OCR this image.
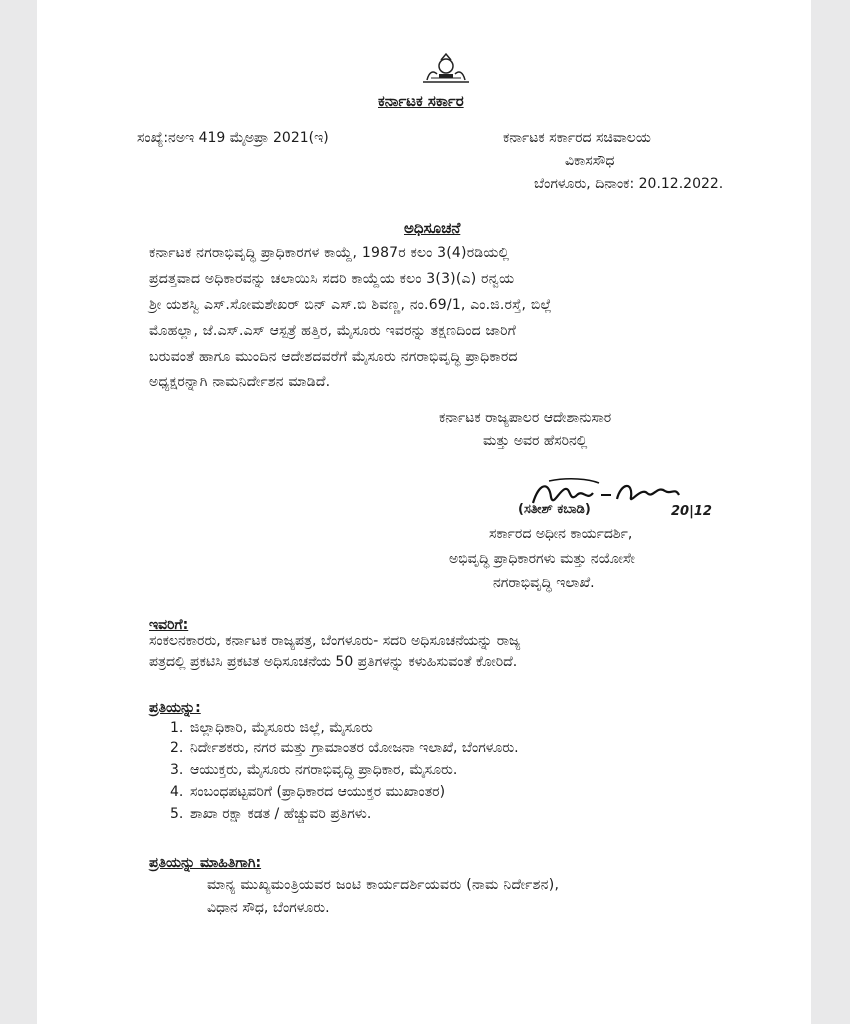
ಕರ್ನಾಟಕ ಸರ್ಕಾರ
ಸಂಖ್ಯೆ:ನಅಇ 419 ಮೈಅಪ್ರಾ 2021(ಇ)	ಕರ್ನಾಟಕ ಸರ್ಕಾರದ ಸಚಿವಾಲಯ
ವಿಕಾಸಸೌಧ
ಬೆಂಗಳೂರು, ದಿನಾಂಕ: 20.12.2022.
ಅಧಿಸೂಚನೆ
ಕರ್ನಾಟಕ ನಗರಾಭಿವೃದ್ಧಿ ಪ್ರಾಧಿಕಾರಗಳ ಕಾಯ್ದೆ, 1987ರ ಕಲಂ 3(4)ರಡಿಯಲ್ಲಿ
ಪ್ರದತ್ತವಾದ ಅಧಿಕಾರವನ್ನು ಚಲಾಯಿಸಿ ಸದರಿ ಕಾಯ್ದೆಯ ಕಲಂ 3(3)(ಎ) ರನ್ವಯ
ಶ್ರೀ ಯಶಸ್ವಿ ಎಸ್.ಸೋಮಶೇಖರ್ ಬಿನ್ ಎಸ್.ಬಿ ಶಿವಣ್ಣ, ನಂ.69/1, ಎಂ.ಜಿ.ರಸ್ತೆ, ಬಿಲ್ಲೆ
ಮೊಹಲ್ಲಾ, ಜೆ.ಎಸ್.ಎಸ್ ಆಸ್ಪತ್ರೆ ಹತ್ತಿರ, ಮೈಸೂರು ಇವರನ್ನು ತಕ್ಷಣದಿಂದ ಜಾರಿಗೆ
ಬರುವಂತೆ ಹಾಗೂ ಮುಂದಿನ ಆದೇಶದವರೆಗೆ ಮೈಸೂರು ನಗರಾಭಿವೃದ್ಧಿ ಪ್ರಾಧಿಕಾರದ
ಅಧ್ಯಕ್ಷರನ್ನಾಗಿ ನಾಮನಿರ್ದೇಶನ ಮಾಡಿದೆ.
ಕರ್ನಾಟಕ ರಾಜ್ಯಪಾಲರ ಆದೇಶಾನುಸಾರ
ಮತ್ತು ಅವರ ಹೆಸರಿನಲ್ಲಿ
(ಸತೀಶ್ ಕಬಾಡಿ)	20|12
ಸರ್ಕಾರದ ಅಧೀನ ಕಾರ್ಯದರ್ಶಿ,
ಅಭಿವೃದ್ಧಿ ಪ್ರಾಧಿಕಾರಗಳು ಮತ್ತು ನಯೋಸೇ
ನಗರಾಭಿವೃದ್ಧಿ ಇಲಾಖೆ.
ಇವರಿಗೆ:
ಸಂಕಲನಕಾರರು, ಕರ್ನಾಟಕ ರಾಜ್ಯಪತ್ರ, ಬೆಂಗಳೂರು- ಸದರಿ ಅಧಿಸೂಚನೆಯನ್ನು ರಾಜ್ಯ
ಪತ್ರದಲ್ಲಿ ಪ್ರಕಟಿಸಿ ಪ್ರಕಟಿತ ಅಧಿಸೂಚನೆಯ 50 ಪ್ರತಿಗಳನ್ನು ಕಳುಹಿಸುವಂತೆ ಕೋರಿದೆ.
ಪ್ರತಿಯನ್ನು:
1. ಜಿಲ್ಲಾಧಿಕಾರಿ, ಮೈಸೂರು ಜಿಲ್ಲೆ, ಮೈಸೂರು
2. ನಿರ್ದೇಶಕರು, ನಗರ ಮತ್ತು ಗ್ರಾಮಾಂತರ ಯೋಜನಾ ಇಲಾಖೆ, ಬೆಂಗಳೂರು.
3. ಆಯುಕ್ತರು, ಮೈಸೂರು ನಗರಾಭಿವೃದ್ಧಿ ಪ್ರಾಧಿಕಾರ, ಮೈಸೂರು.
4. ಸಂಬಂಧಪಟ್ಟವರಿಗೆ (ಪ್ರಾಧಿಕಾರದ ಆಯುಕ್ತರ ಮುಖಾಂತರ)
5. ಶಾಖಾ ರಕ್ಷಾ ಕಡತ / ಹೆಚ್ಚುವರಿ ಪ್ರತಿಗಳು.
ಪ್ರತಿಯನ್ನು ಮಾಹಿತಿಗಾಗಿ:
ಮಾನ್ಯ ಮುಖ್ಯಮಂತ್ರಿಯವರ ಜಂಟಿ ಕಾರ್ಯದರ್ಶಿಯವರು (ನಾಮ ನಿರ್ದೇಶನ),
ವಿಧಾನ ಸೌಧ, ಬೆಂಗಳೂರು.
